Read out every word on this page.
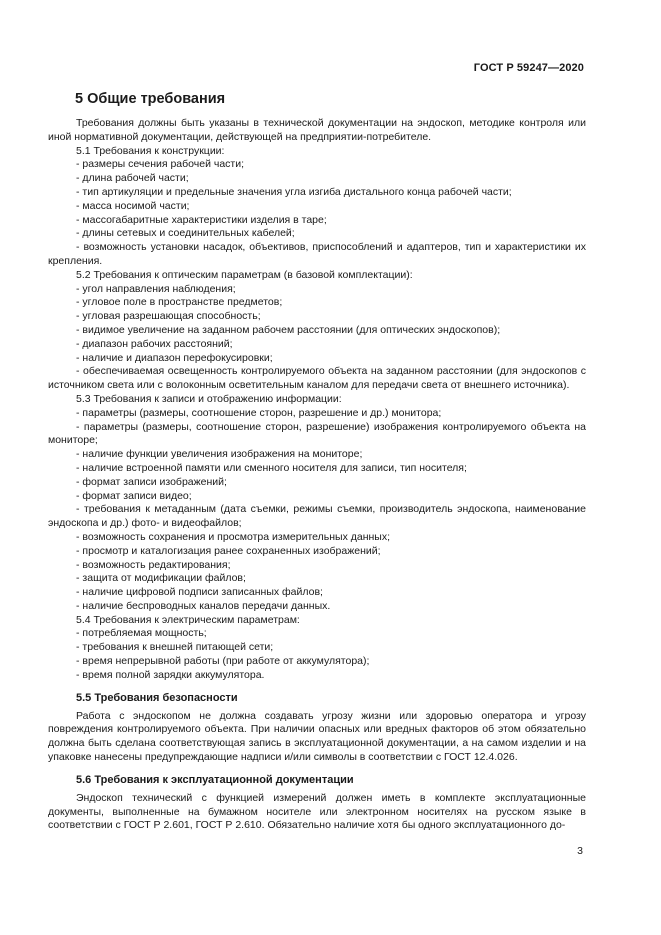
ГОСТ Р 59247—2020
5 Общие требования
Требования должны быть указаны в технической документации на эндоскоп, методике контроля или иной нормативной документации, действующей на предприятии-потребителе.
5.1 Требования к конструкции:
- размеры сечения рабочей части;
- длина рабочей части;
- тип артикуляции и предельные значения угла изгиба дистального конца рабочей части;
- масса носимой части;
- массогабаритные характеристики изделия в таре;
- длины сетевых и соединительных кабелей;
- возможность установки насадок, объективов, приспособлений и адаптеров, тип и характеристики их крепления.
5.2 Требования к оптическим параметрам (в базовой комплектации):
- угол направления наблюдения;
- угловое поле в пространстве предметов;
- угловая разрешающая способность;
- видимое увеличение на заданном рабочем расстоянии (для оптических эндоскопов);
- диапазон рабочих расстояний;
- наличие и диапазон перефокусировки;
- обеспечиваемая освещенность контролируемого объекта на заданном расстоянии (для эндоскопов с источником света или с волоконным осветительным каналом для передачи света от внешнего источника).
5.3 Требования к записи и отображению информации:
- параметры (размеры, соотношение сторон, разрешение и др.) монитора;
- параметры (размеры, соотношение сторон, разрешение) изображения контролируемого объекта на мониторе;
- наличие функции увеличения изображения на мониторе;
- наличие встроенной памяти или сменного носителя для записи, тип носителя;
- формат записи изображений;
- формат записи видео;
- требования к метаданным (дата съемки, режимы съемки, производитель эндоскопа, наименование эндоскопа и др.) фото- и видеофайлов;
- возможность сохранения и просмотра измерительных данных;
- просмотр и каталогизация ранее сохраненных изображений;
- возможность редактирования;
- защита от модификации файлов;
- наличие цифровой подписи записанных файлов;
- наличие беспроводных каналов передачи данных.
5.4 Требования к электрическим параметрам:
- потребляемая мощность;
- требования к внешней питающей сети;
- время непрерывной работы (при работе от аккумулятора);
- время полной зарядки аккумулятора.
5.5 Требования безопасности
Работа с эндоскопом не должна создавать угрозу жизни или здоровью оператора и угрозу повреждения контролируемого объекта. При наличии опасных или вредных факторов об этом обязательно должна быть сделана соответствующая запись в эксплуатационной документации, а на самом изделии и на упаковке нанесены предупреждающие надписи и/или символы в соответствии с ГОСТ 12.4.026.
5.6 Требования к эксплуатационной документации
Эндоскоп технический с функцией измерений должен иметь в комплекте эксплуатационные документы, выполненные на бумажном носителе или электронном носителях на русском языке в соответствии с ГОСТ Р 2.601, ГОСТ Р 2.610. Обязательно наличие хотя бы одного эксплуатационного до-
3
